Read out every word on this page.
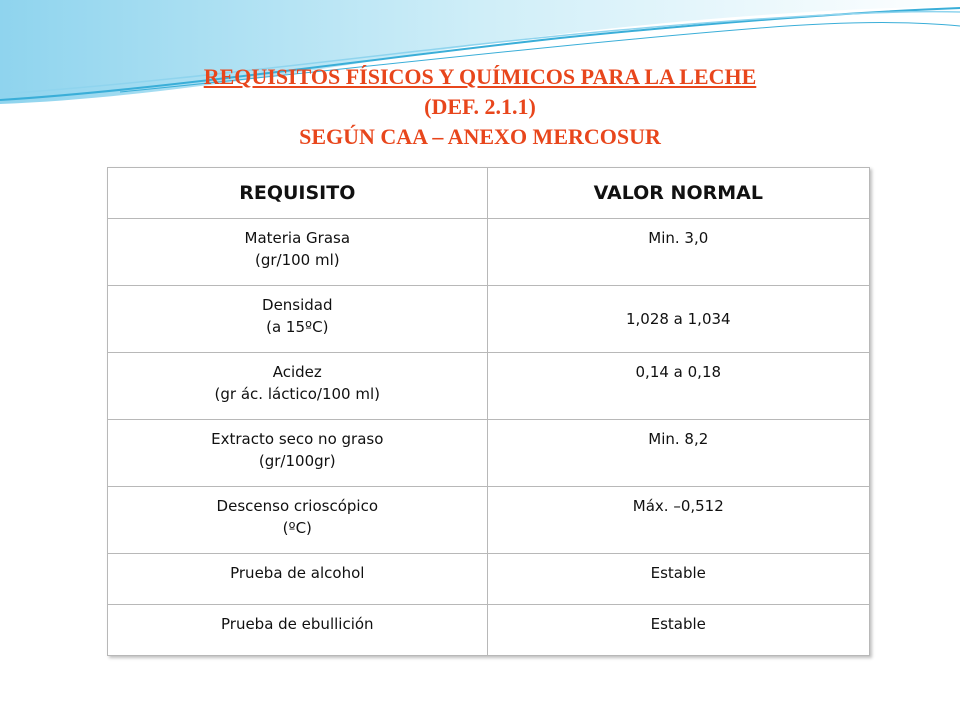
REQUISITOS FÍSICOS Y QUÍMICOS PARA LA LECHE
(DEF. 2.1.1)
SEGÚN CAA – ANEXO MERCOSUR
REQUISITO	VALOR NORMAL

Materia Grasa
(gr/100 ml)	Min. 3,0

Densidad
(a 15ºC)	1,028 a 1,034

Acidez
(gr ác. láctico/100 ml)	0,14 a 0,18

Extracto seco no graso
(gr/100gr)	Min. 8,2

Descenso crioscópico
(ºC)	Máx. –0,512

Prueba de alcohol	Estable

Prueba de ebullición	Estable
